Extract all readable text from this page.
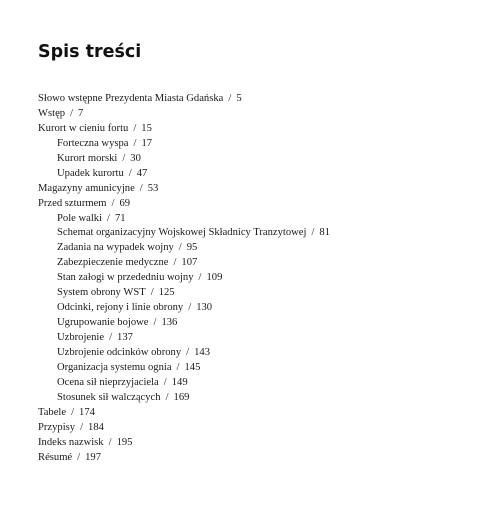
Spis treści
Słowo wstępne Prezydenta Miasta Gdańska / 5
Wstęp / 7
Kurort w cieniu fortu / 15
Forteczna wyspa / 17
Kurort morski / 30
Upadek kurortu / 47
Magazyny amunicyjne / 53
Przed szturmem / 69
Pole walki / 71
Schemat organizacyjny Wojskowej Składnicy Tranzytowej / 81
Zadania na wypadek wojny / 95
Zabezpieczenie medyczne / 107
Stan załogi w przededniu wojny / 109
System obrony WST / 125
Odcinki, rejony i linie obrony / 130
Ugrupowanie bojowe / 136
Uzbrojenie / 137
Uzbrojenie odcinków obrony / 143
Organizacja systemu ognia / 145
Ocena sił nieprzyjaciela / 149
Stosunek sił walczących / 169
Tabele / 174
Przypisy / 184
Indeks nazwisk / 195
Résumé / 197
